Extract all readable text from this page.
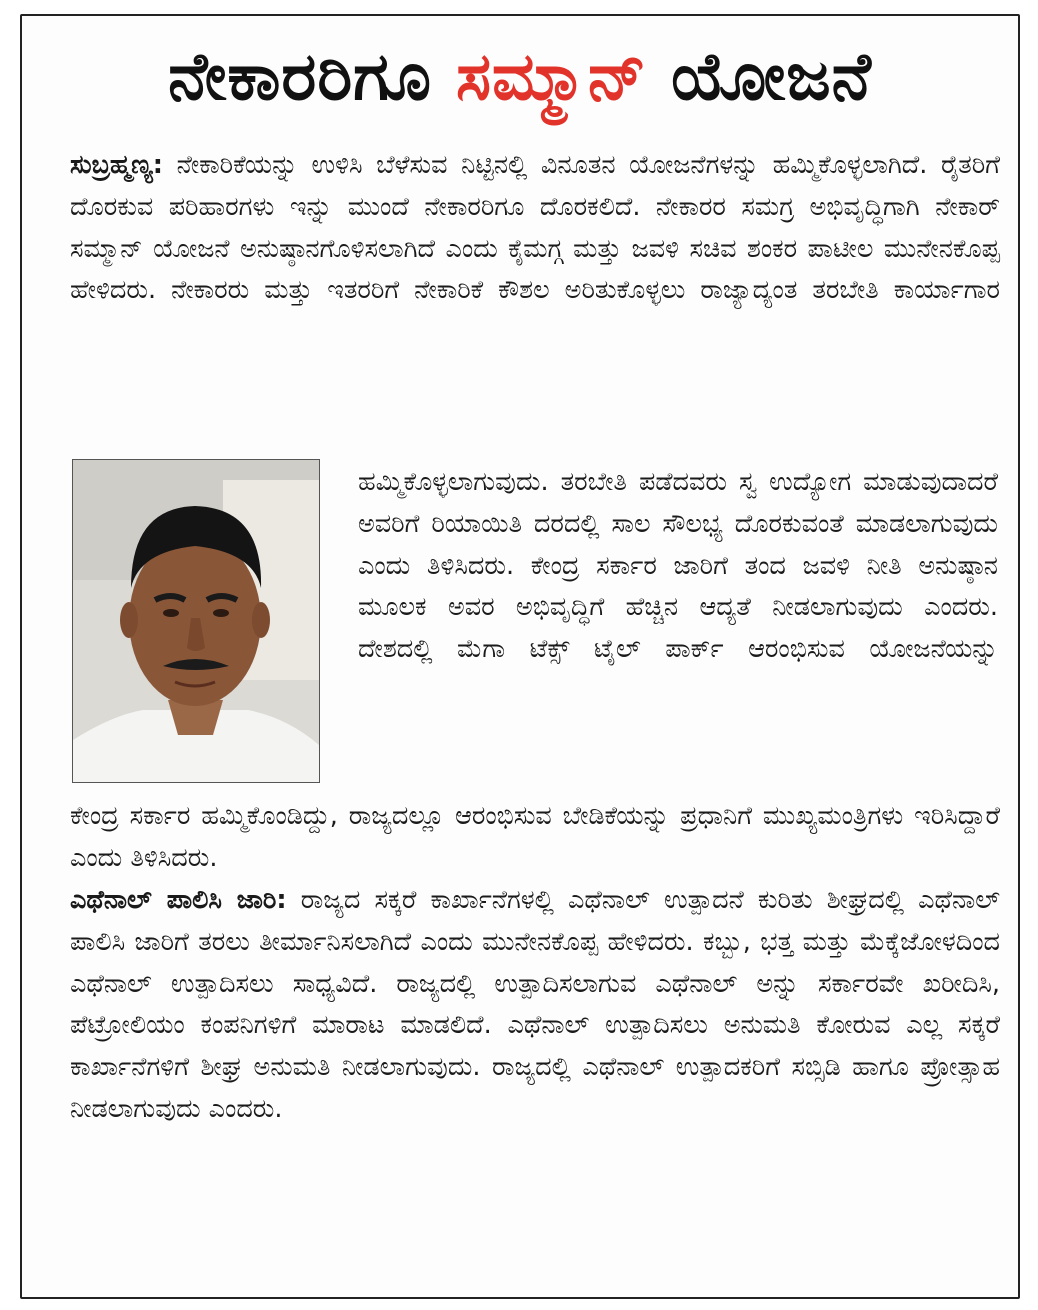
ನೇಕಾರರಿಗೂ ಸಮ್ಮಾನ್ ಯೋಜನೆ

ಸುಬ್ರಹ್ಮಣ್ಯ: ನೇಕಾರಿಕೆಯನ್ನು ಉಳಿಸಿ ಬೆಳೆಸುವ ನಿಟ್ಟಿನಲ್ಲಿ ವಿನೂತನ ಯೋಜನೆಗಳನ್ನು ಹಮ್ಮಿಕೊಳ್ಳಲಾಗಿದೆ. ರೈತರಿಗೆ ದೊರಕುವ ಪರಿಹಾರಗಳು ಇನ್ನು ಮುಂದೆ ನೇಕಾರರಿಗೂ ದೊರಕಲಿದೆ. ನೇಕಾರರ ಸಮಗ್ರ ಅಭಿವೃದ್ಧಿಗಾಗಿ ನೇಕಾರ್ ಸಮ್ಮಾನ್ ಯೋಜನೆ ಅನುಷ್ಠಾನಗೊಳಿಸಲಾಗಿದೆ ಎಂದು ಕೈಮಗ್ಗ ಮತ್ತು ಜವಳಿ ಸಚಿವ ಶಂಕರ ಪಾಟೀಲ ಮುನೇನಕೊಪ್ಪ ಹೇಳಿದರು. ನೇಕಾರರು ಮತ್ತು ಇತರರಿಗೆ ನೇಕಾರಿಕೆ ಕೌಶಲ ಅರಿತುಕೊಳ್ಳಲು ರಾಜ್ಯಾದ್ಯಂತ ತರಬೇತಿ ಕಾರ್ಯಾಗಾರ

ಹಮ್ಮಿಕೊಳ್ಳಲಾಗುವುದು. ತರಬೇತಿ ಪಡೆದವರು ಸ್ವ ಉದ್ಯೋಗ ಮಾಡುವುದಾದರೆ ಅವರಿಗೆ ರಿಯಾಯಿತಿ ದರದಲ್ಲಿ ಸಾಲ ಸೌಲಭ್ಯ ದೊರಕುವಂತೆ ಮಾಡಲಾಗುವುದು ಎಂದು ತಿಳಿಸಿದರು. ಕೇಂದ್ರ ಸರ್ಕಾರ ಜಾರಿಗೆ ತಂದ ಜವಳಿ ನೀತಿ ಅನುಷ್ಠಾನ ಮೂಲಕ ಅವರ ಅಭಿವೃದ್ಧಿಗೆ ಹೆಚ್ಚಿನ ಆದ್ಯತೆ ನೀಡಲಾಗುವುದು ಎಂದರು. ದೇಶದಲ್ಲಿ ಮೆಗಾ ಟೆಕ್ಸ್ ಟೈಲ್ ಪಾರ್ಕ್ ಆರಂಭಿಸುವ ಯೋಜನೆಯನ್ನು

ಕೇಂದ್ರ ಸರ್ಕಾರ ಹಮ್ಮಿಕೊಂಡಿದ್ದು, ರಾಜ್ಯದಲ್ಲೂ ಆರಂಭಿಸುವ ಬೇಡಿಕೆಯನ್ನು ಪ್ರಧಾನಿಗೆ ಮುಖ್ಯಮಂತ್ರಿಗಳು ಇರಿಸಿದ್ದಾರೆ ಎಂದು ತಿಳಿಸಿದರು.

ಎಥೆನಾಲ್ ಪಾಲಿಸಿ ಜಾರಿ: ರಾಜ್ಯದ ಸಕ್ಕರೆ ಕಾರ್ಖಾನೆಗಳಲ್ಲಿ ಎಥೆನಾಲ್ ಉತ್ಪಾದನೆ ಕುರಿತು ಶೀಘ್ರದಲ್ಲಿ ಎಥೆನಾಲ್ ಪಾಲಿಸಿ ಜಾರಿಗೆ ತರಲು ತೀರ್ಮಾನಿಸಲಾಗಿದೆ ಎಂದು ಮುನೇನಕೊಪ್ಪ ಹೇಳಿದರು. ಕಬ್ಬು, ಭತ್ತ ಮತ್ತು ಮೆಕ್ಕೆಜೋಳದಿಂದ ಎಥೆನಾಲ್ ಉತ್ಪಾದಿಸಲು ಸಾಧ್ಯವಿದೆ. ರಾಜ್ಯದಲ್ಲಿ ಉತ್ಪಾದಿಸಲಾಗುವ ಎಥೆನಾಲ್ ಅನ್ನು ಸರ್ಕಾರವೇ ಖರೀದಿಸಿ, ಪೆಟ್ರೋಲಿಯಂ ಕಂಪನಿಗಳಿಗೆ ಮಾರಾಟ ಮಾಡಲಿದೆ. ಎಥೆನಾಲ್ ಉತ್ಪಾದಿಸಲು ಅನುಮತಿ ಕೋರುವ ಎಲ್ಲ ಸಕ್ಕರೆ ಕಾರ್ಖಾನೆಗಳಿಗೆ ಶೀಘ್ರ ಅನುಮತಿ ನೀಡಲಾಗುವುದು. ರಾಜ್ಯದಲ್ಲಿ ಎಥೆನಾಲ್ ಉತ್ಪಾದಕರಿಗೆ ಸಬ್ಸಿಡಿ ಹಾಗೂ ಪ್ರೋತ್ಸಾಹ ನೀಡಲಾಗುವುದು ಎಂದರು.
